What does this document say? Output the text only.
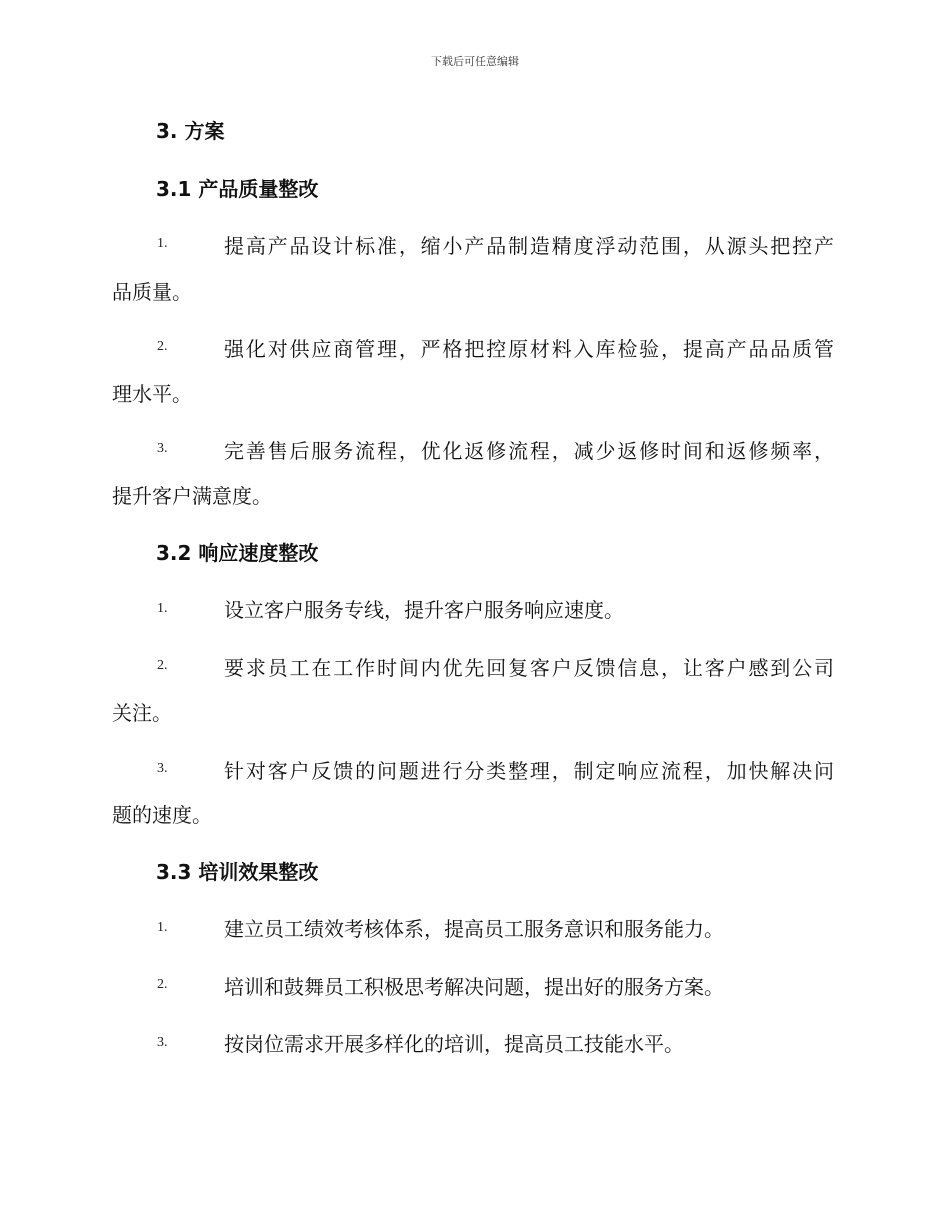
下载后可任意编辑
3. 方案
3.1 产品质量整改
1.	提高产品设计标准，缩小产品制造精度浮动范围，从源头把控产
品质量。
2.	强化对供应商管理，严格把控原材料入库检验，提高产品品质管
理水平。
3.	完善售后服务流程，优化返修流程，减少返修时间和返修频率，
提升客户满意度。
3.2 响应速度整改
1.	设立客户服务专线，提升客户服务响应速度。
2.	要求员工在工作时间内优先回复客户反馈信息，让客户感到公司
关注。
3.	针对客户反馈的问题进行分类整理，制定响应流程，加快解决问
题的速度。
3.3 培训效果整改
1.	建立员工绩效考核体系，提高员工服务意识和服务能力。
2.	培训和鼓舞员工积极思考解决问题，提出好的服务方案。
3.	按岗位需求开展多样化的培训，提高员工技能水平。
